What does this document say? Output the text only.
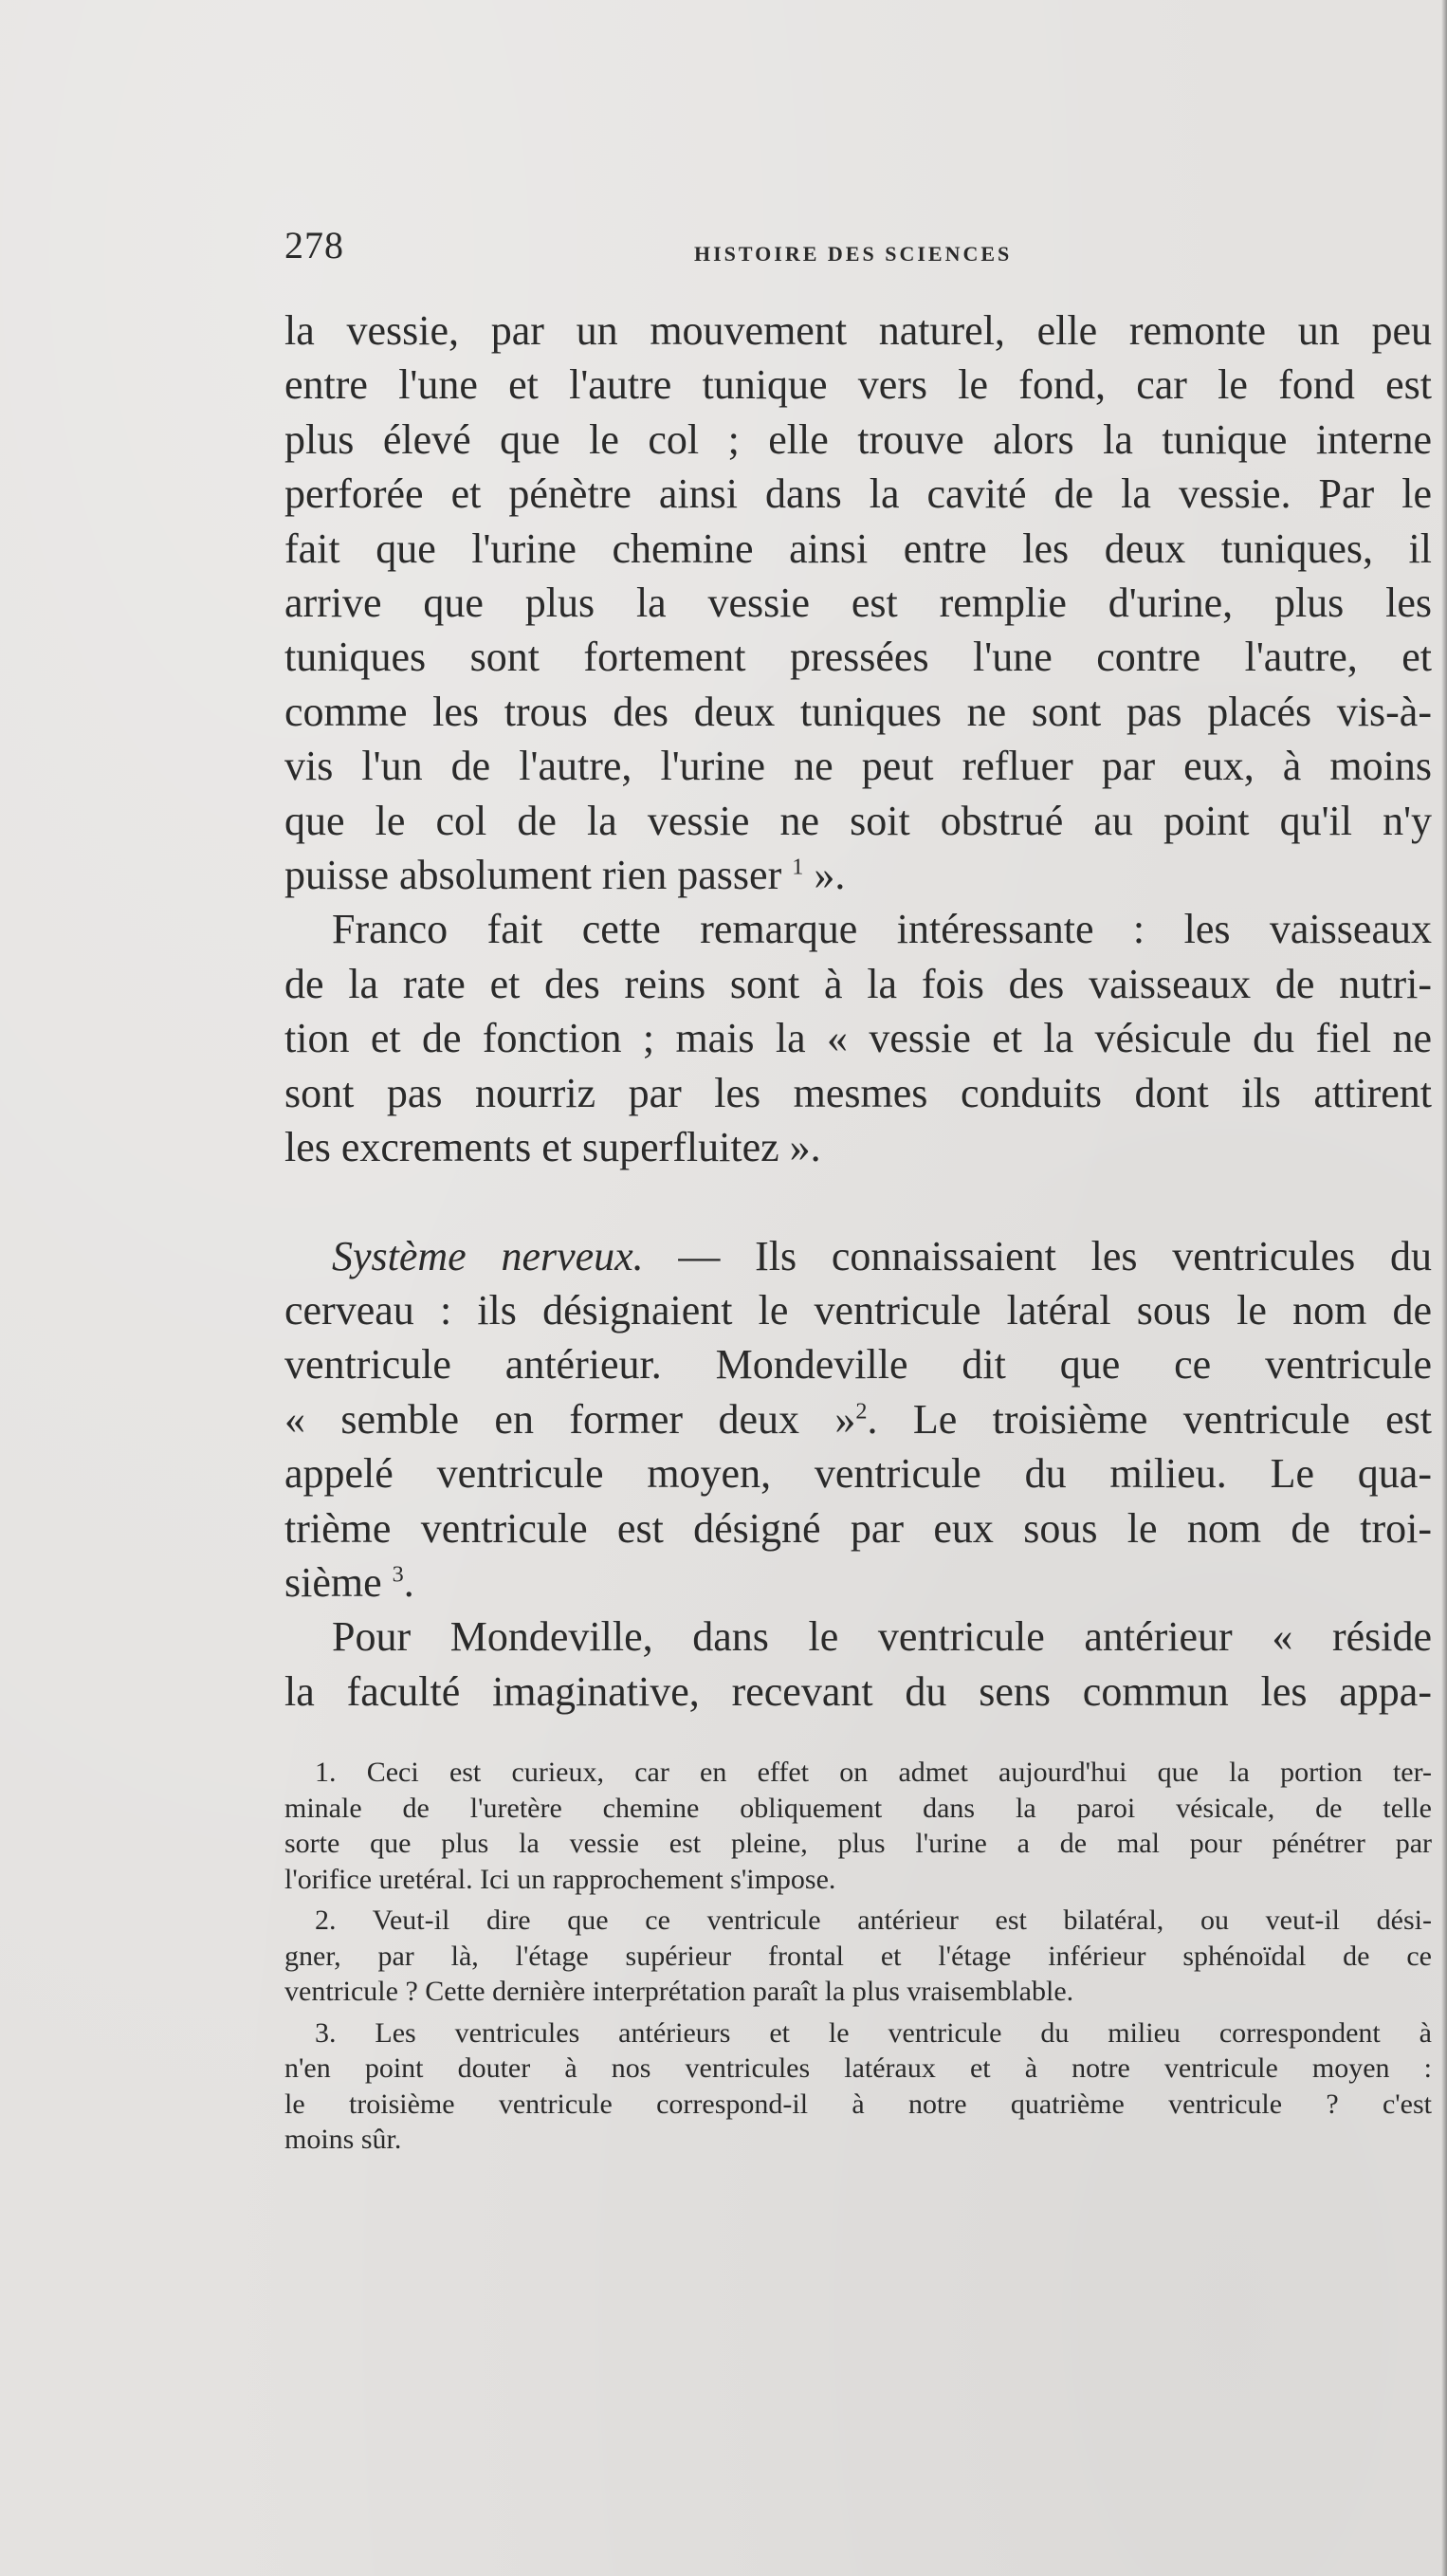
278	HISTOIRE DES SCIENCES
la vessie, par un mouvement naturel, elle remonte un peu
entre l'une et l'autre tunique vers le fond, car le fond est
plus élevé que le col ; elle trouve alors la tunique interne
perforée et pénètre ainsi dans la cavité de la vessie. Par le
fait que l'urine chemine ainsi entre les deux tuniques, il
arrive que plus la vessie est remplie d'urine, plus les
tuniques sont fortement pressées l'une contre l'autre, et
comme les trous des deux tuniques ne sont pas placés vis-à-
vis l'un de l'autre, l'urine ne peut refluer par eux, à moins
que le col de la vessie ne soit obstrué au point qu'il n'y
puisse absolument rien passer $^1$ ».
Franco fait cette remarque intéressante : les vaisseaux
de la rate et des reins sont à la fois des vaisseaux de nutri-
tion et de fonction ; mais la « vessie et la vésicule du fiel ne
sont pas nourriz par les mesmes conduits dont ils attirent
les excrements et superfluitez ».
Système nerveux. — Ils connaissaient les ventricules du
cerveau : ils désignaient le ventricule latéral sous le nom de
ventricule antérieur. Mondeville dit que ce ventricule
« semble en former deux »$^2$. Le troisième ventricule est
appelé ventricule moyen, ventricule du milieu. Le qua-
trième ventricule est désigné par eux sous le nom de troi-
sième $^3$.
Pour Mondeville, dans le ventricule antérieur « réside
la faculté imaginative, recevant du sens commun les appa-
1. Ceci est curieux, car en effet on admet aujourd'hui que la portion ter-
minale de l'uretère chemine obliquement dans la paroi vésicale, de telle
sorte que plus la vessie est pleine, plus l'urine a de mal pour pénétrer par
l'orifice uretéral. Ici un rapprochement s'impose.
2. Veut-il dire que ce ventricule antérieur est bilatéral, ou veut-il dési-
gner, par là, l'étage supérieur frontal et l'étage inférieur sphénoïdal de ce
ventricule ? Cette dernière interprétation paraît la plus vraisemblable.
3. Les ventricules antérieurs et le ventricule du milieu correspondent à
n'en point douter à nos ventricules latéraux et à notre ventricule moyen :
le troisième ventricule correspond-il à notre quatrième ventricule ? c'est
moins sûr.
